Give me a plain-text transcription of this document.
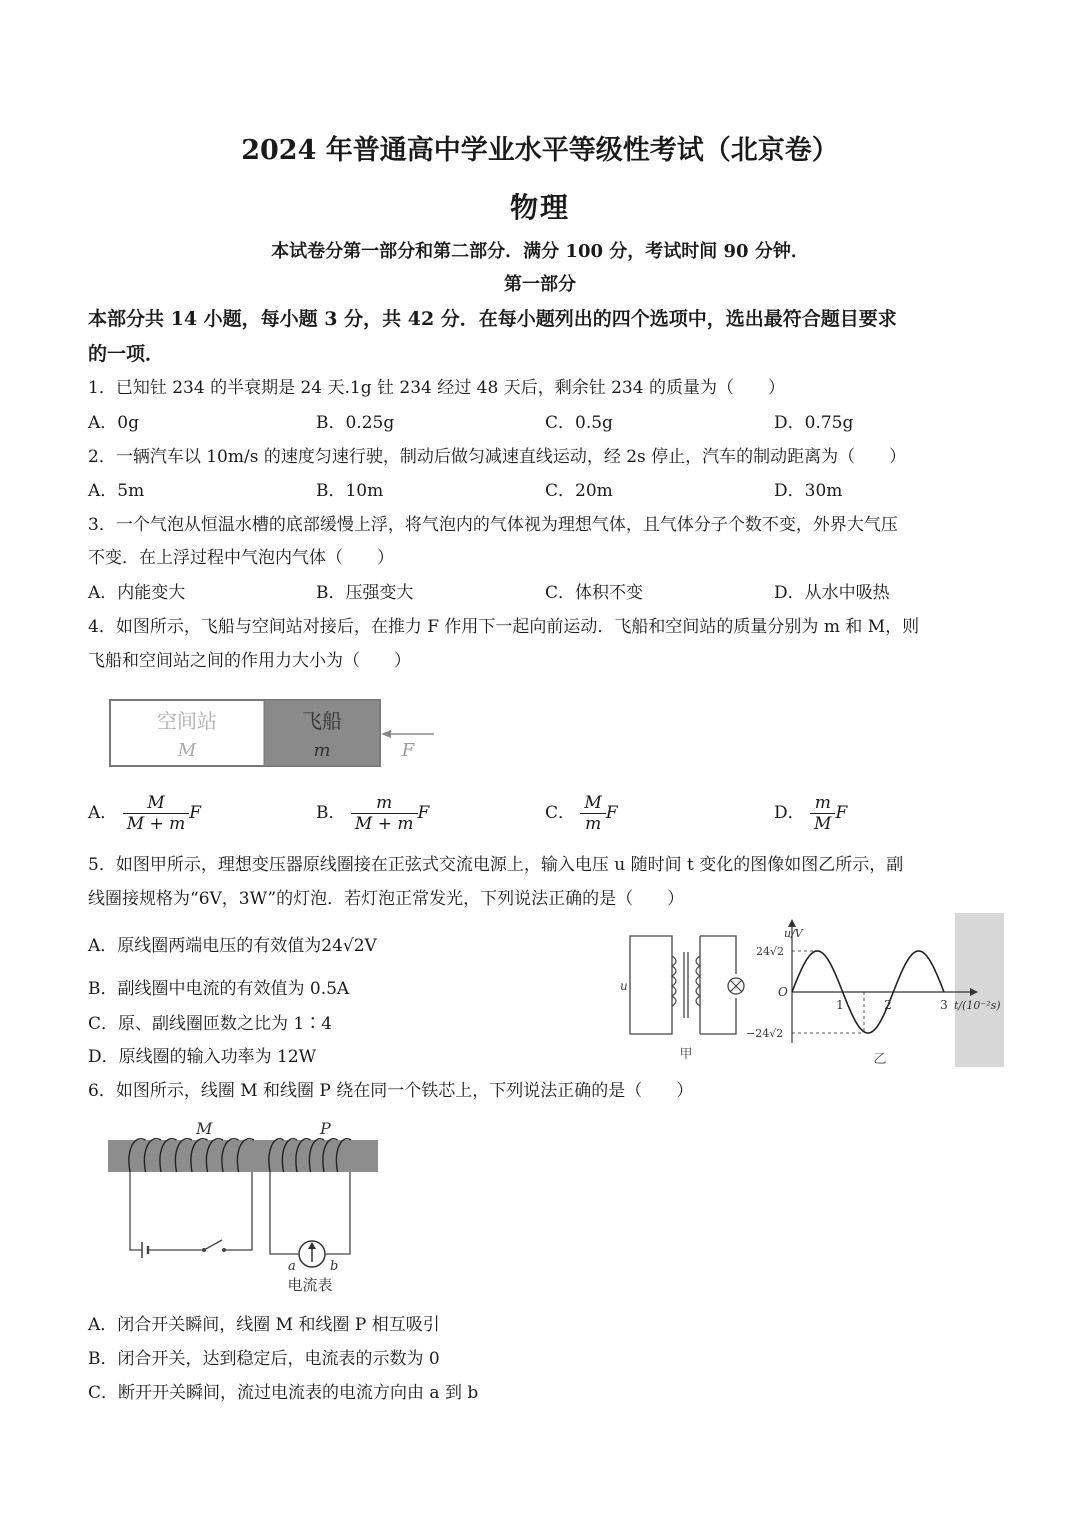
2024 年普通高中学业水平等级性考试（北京卷）
物理
本试卷分第一部分和第二部分．满分 100 分，考试时间 90 分钟．
第一部分
本部分共 14 小题，每小题 3 分，共 42 分．在每小题列出的四个选项中，选出最符合题目要求
的一项．
1．已知钍 234 的半衰期是 24 天.1g 钍 234 经过 48 天后，剩余钍 234 的质量为（　　）
A．0g	B．0.25g	C．0.5g	D．0.75g
2．一辆汽车以 10m/s 的速度匀速行驶，制动后做匀减速直线运动，经 2s 停止，汽车的制动距离为（　　）
A．5m	B．10m	C．20m	D．30m
3．一个气泡从恒温水槽的底部缓慢上浮，将气泡内的气体视为理想气体，且气体分子个数不变，外界大气压
不变．在上浮过程中气泡内气体（　　）
A．内能变大	B．压强变大	C．体积不变	D．从水中吸热
4．如图所示，飞船与空间站对接后，在推力 F 作用下一起向前运动．飞船和空间站的质量分别为 m 和 M，则
飞船和空间站之间的作用力大小为（　　）
空间站
M
飞船
m	F
A． $\frac{M}{M + m}$ F	B． $\frac{m}{M + m}$ F	C． $\frac{M}{m}$ F	D． $\frac{m}{M}$ F
5．如图甲所示，理想变压器原线圈接在正弦式交流电源上，输入电压 u 随时间 t 变化的图像如图乙所示，副
线圈接规格为“6V，3W”的灯泡．若灯泡正常发光，下列说法正确的是（　　）
A．原线圈两端电压的有效值为24√2V
B．副线圈中电流的有效值为 0.5A
C．原、副线圈匝数之比为 1∶4
D．原线圈的输入功率为 12W
u
甲
u/V
24√2
−24√2
O
1	2	3 t/(10⁻²s)
乙
6．如图所示，线圈 M 和线圈 P 绕在同一个铁芯上，下列说法正确的是（　　）
M	P
a	b
电流表
A．闭合开关瞬间，线圈 M 和线圈 P 相互吸引
B．闭合开关，达到稳定后，电流表的示数为 0
C．断开开关瞬间，流过电流表的电流方向由 a 到 b
